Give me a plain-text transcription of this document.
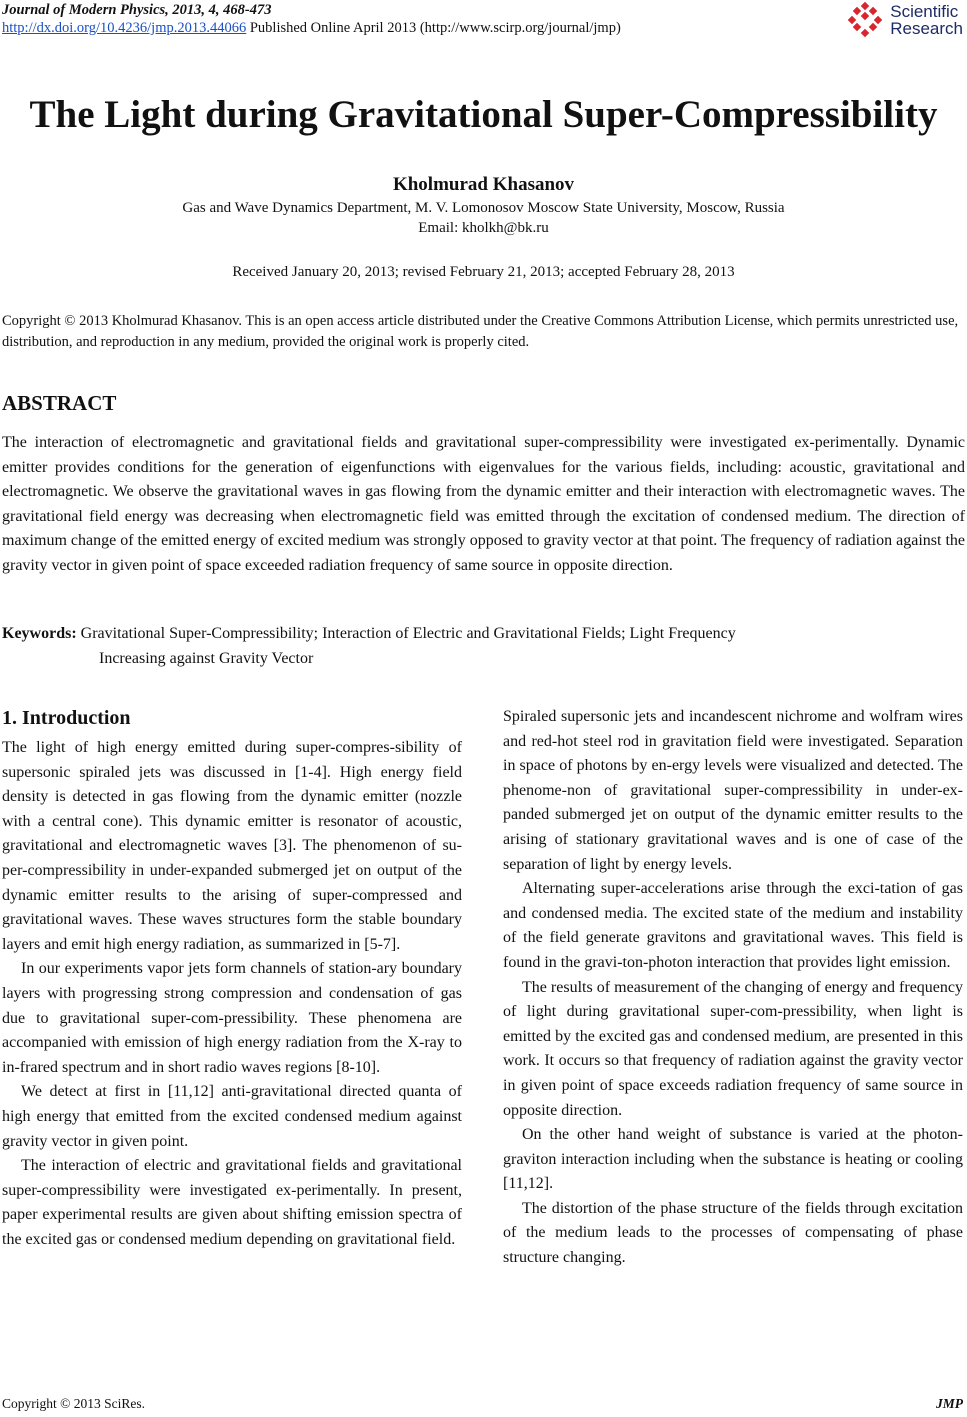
Journal of Modern Physics, 2013, 4, 468-473
http://dx.doi.org/10.4236/jmp.2013.44066 Published Online April 2013 (http://www.scirp.org/journal/jmp)
Scientific
Research
The Light during Gravitational Super-Compressibility
Kholmurad Khasanov
Gas and Wave Dynamics Department, M. V. Lomonosov Moscow State University, Moscow, Russia
Email: kholkh@bk.ru
Received January 20, 2013; revised February 21, 2013; accepted February 28, 2013
Copyright © 2013 Kholmurad Khasanov. This is an open access article distributed under the Creative Commons Attribution License, which permits unrestricted use, distribution, and reproduction in any medium, provided the original work is properly cited.
ABSTRACT
The interaction of electromagnetic and gravitational fields and gravitational super-compressibility were investigated ex-perimentally. Dynamic emitter provides conditions for the generation of eigenfunctions with eigenvalues for the various fields, including: acoustic, gravitational and electromagnetic. We observe the gravitational waves in gas flowing from the dynamic emitter and their interaction with electromagnetic waves. The gravitational field energy was decreasing when electromagnetic field was emitted through the excitation of condensed medium. The direction of maximum change of the emitted energy of excited medium was strongly opposed to gravity vector at that point. The frequency of radiation against the gravity vector in given point of space exceeded radiation frequency of same source in opposite direction.
Keywords:
Gravitational Super-Compressibility; Interaction of Electric and Gravitational Fields; Light Frequency
Increasing against Gravity Vector
1. Introduction

The light of high energy emitted during super-compres-sibility of supersonic spiraled jets was discussed in [1-4]. High energy field density is detected in gas flowing from the dynamic emitter (nozzle with a central cone). This dynamic emitter is resonator of acoustic, gravitational and electromagnetic waves [3]. The phenomenon of su-per-compressibility in under-expanded submerged jet on output of the dynamic emitter results to the arising of super-compressed and gravitational waves. These waves structures form the stable boundary layers and emit high energy radiation, as summarized in [5-7].

In our experiments vapor jets form channels of station-ary boundary layers with progressing strong compression and condensation of gas due to gravitational super-com-pressibility. These phenomena are accompanied with emission of high energy radiation from the X-ray to in-frared spectrum and in short radio waves regions [8-10].

We detect at first in [11,12] anti-gravitational directed quanta of high energy that emitted from the excited condensed medium against gravity vector in given point.

The interaction of electric and gravitational fields and gravitational super-compressibility were investigated ex-perimentally. In present, paper experimental results are given about shifting emission spectra of the excited gas or condensed medium depending on gravitational field.

Spiraled supersonic jets and incandescent nichrome and wolfram wires and red-hot steel rod in gravitation field were investigated. Separation in space of photons by en-ergy levels were visualized and detected. The phenome-non of gravitational super-compressibility in under-ex-panded submerged jet on output of the dynamic emitter results to the arising of stationary gravitational waves and is one of case of the separation of light by energy levels.

Alternating super-accelerations arise through the exci-tation of gas and condensed media. The excited state of the medium and instability of the field generate gravitons and gravitational waves. This field is found in the gravi-ton-photon interaction that provides light emission.

The results of measurement of the changing of energy and frequency of light during gravitational super-com-pressibility, when light is emitted by the excited gas and condensed medium, are presented in this work. It occurs so that frequency of radiation against the gravity vector in given point of space exceeds radiation frequency of same source in opposite direction.

On the other hand weight of substance is varied at the photon-graviton interaction including when the substance is heating or cooling [11,12].

The distortion of the phase structure of the fields through excitation of the medium leads to the processes of compensating of phase structure changing.

Copyright © 2013 SciRes.	JMP
